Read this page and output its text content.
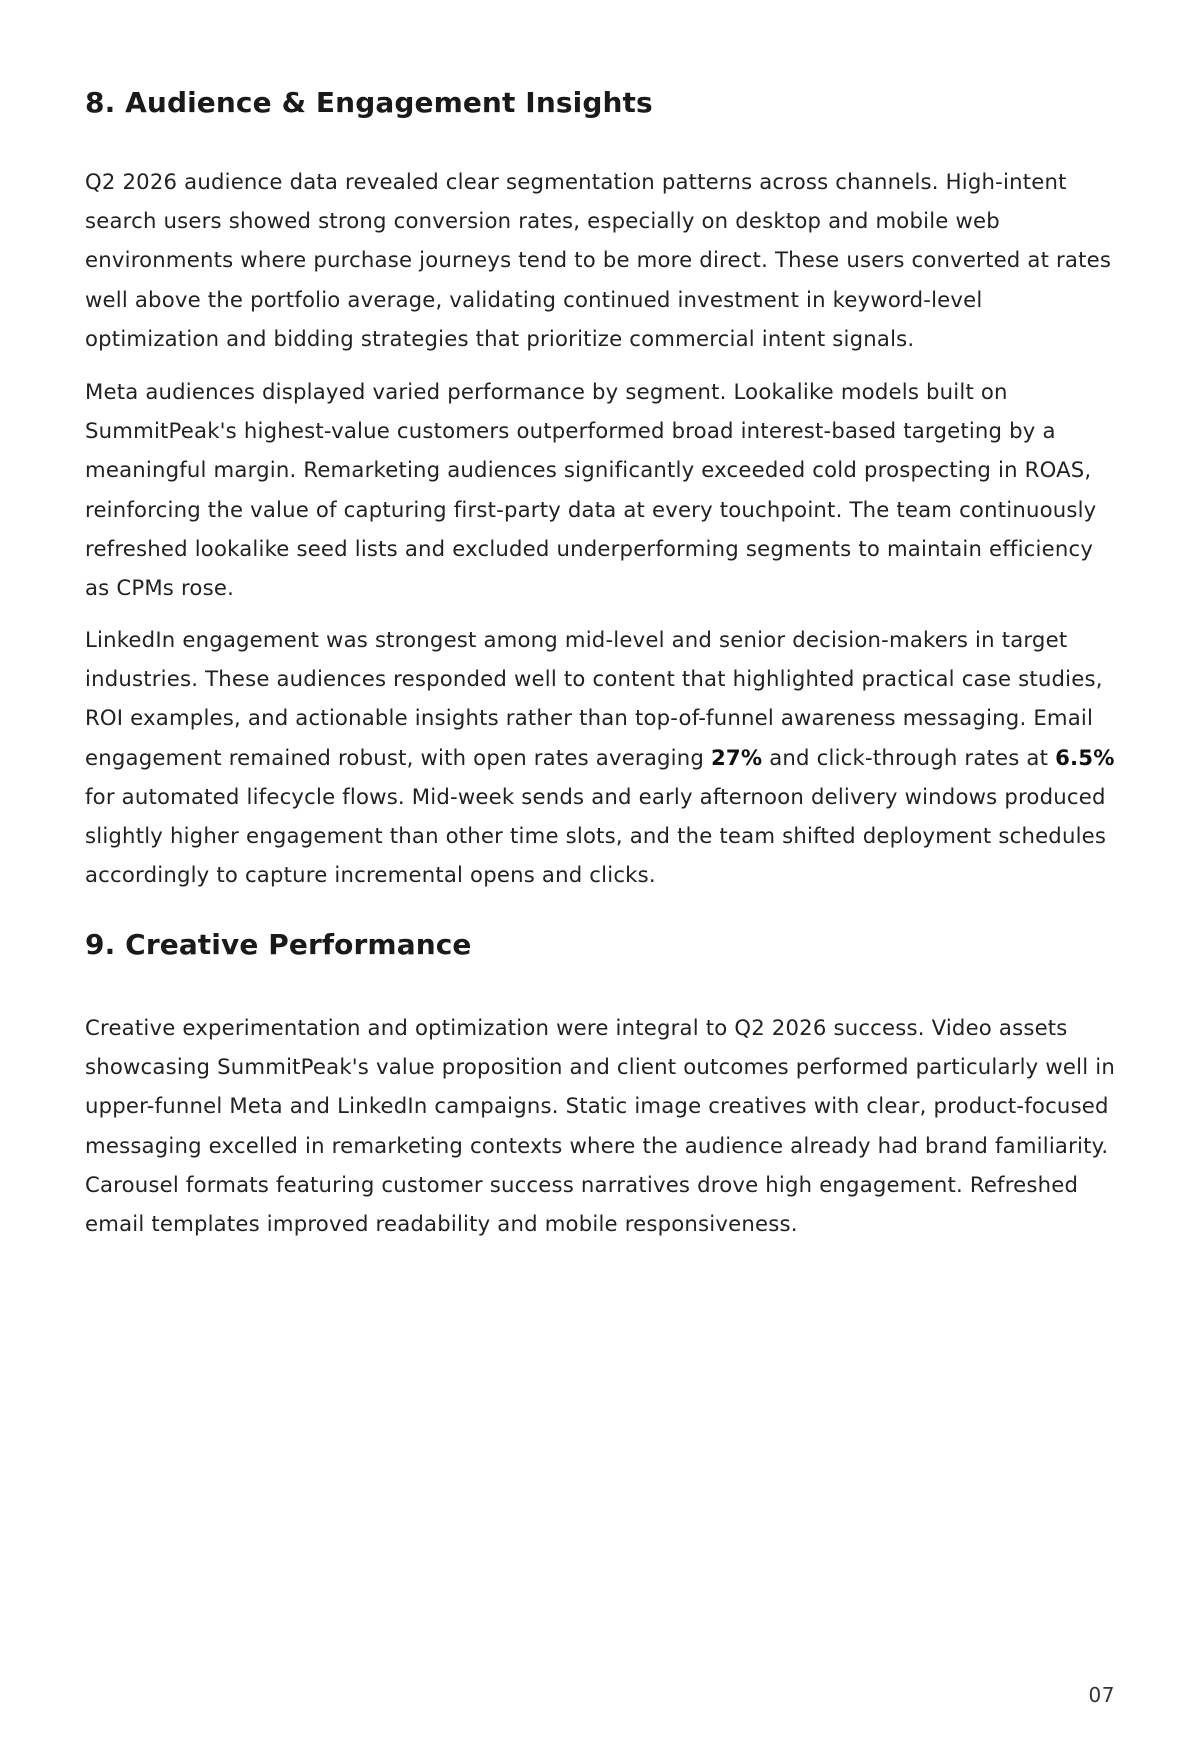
8. Audience & Engagement Insights

Q2 2026 audience data revealed clear segmentation patterns across channels. High-intent search users showed strong conversion rates, especially on desktop and mobile web environments where purchase journeys tend to be more direct. These users converted at rates well above the portfolio average, validating continued investment in keyword-level optimization and bidding strategies that prioritize commercial intent signals.

Meta audiences displayed varied performance by segment. Lookalike models built on SummitPeak's highest-value customers outperformed broad interest-based targeting by a meaningful margin. Remarketing audiences significantly exceeded cold prospecting in ROAS, reinforcing the value of capturing first-party data at every touchpoint. The team continuously refreshed lookalike seed lists and excluded underperforming segments to maintain efficiency as CPMs rose.

LinkedIn engagement was strongest among mid-level and senior decision-makers in target industries. These audiences responded well to content that highlighted practical case studies, ROI examples, and actionable insights rather than top-of-funnel awareness messaging. Email engagement remained robust, with open rates averaging 27% and click-through rates at 6.5% for automated lifecycle flows. Mid-week sends and early afternoon delivery windows produced slightly higher engagement than other time slots, and the team shifted deployment schedules accordingly to capture incremental opens and clicks.

9. Creative Performance

Creative experimentation and optimization were integral to Q2 2026 success. Video assets showcasing SummitPeak's value proposition and client outcomes performed particularly well in upper-funnel Meta and LinkedIn campaigns. Static image creatives with clear, product-focused messaging excelled in remarketing contexts where the audience already had brand familiarity. Carousel formats featuring customer success narratives drove high engagement. Refreshed email templates improved readability and mobile responsiveness.

07
